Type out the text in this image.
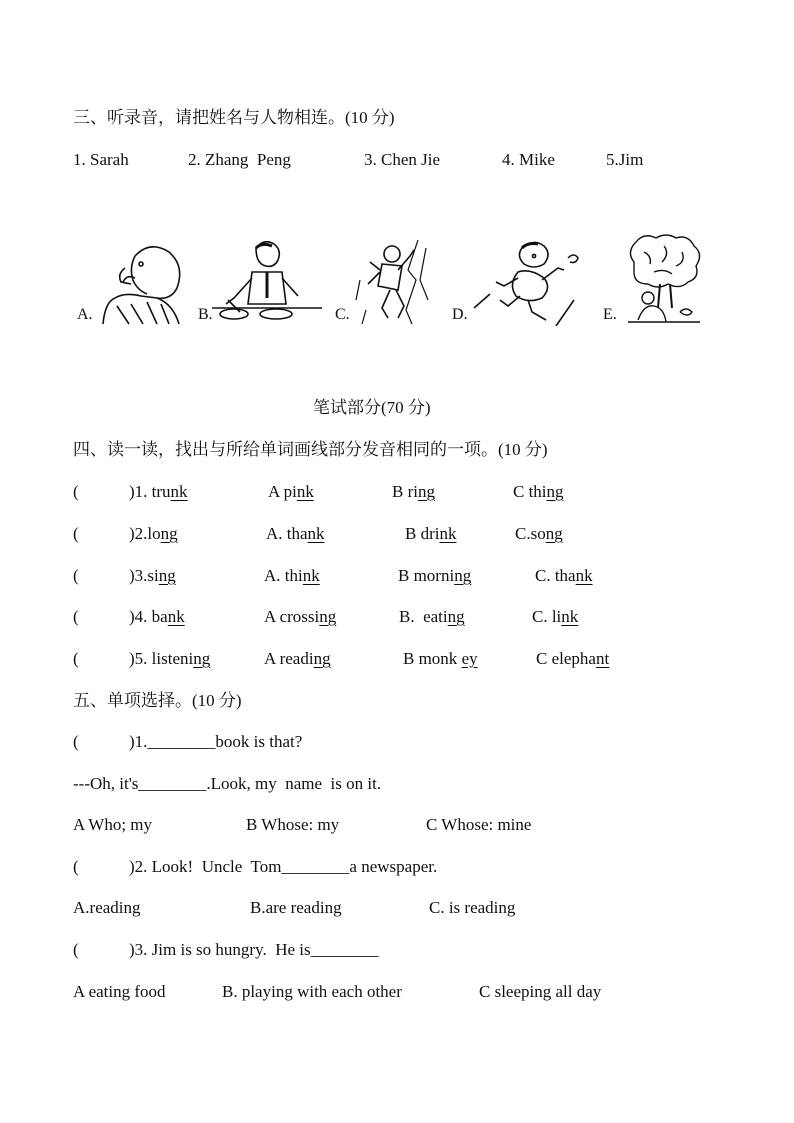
三、听录音，请把姓名与人物相连。(10 分)
1. Sarah	2. Zhang  Peng	3. Chen Jie	4. Mike	5.Jim
A.	B.	C.	D.	E.
笔试部分(70 分)
四、读一读，找出与所给单词画线部分发音相同的一项。(10 分)
(	)1. trunk	A pink	B ring	C thing
(	)2.long	A. thank	B drink	C.song
(	)3.sing	A. think	B morning	C. thank
(	)4. bank	A crossing	B.  eating	C. link
(	)5. listening	A reading	B monk ey	C elephant
五、单项选择。(10 分)
(	)1.________book is that?
---Oh, it's________.Look, my  name  is on it.
A Who; my	B Whose: my	C Whose: mine
(	)2. Look!  Uncle  Tom________a newspaper.
A.reading	B.are reading	C. is reading
(	)3. Jim is so hungry.  He is________
A eating food	B. playing with each other	C sleeping all day
